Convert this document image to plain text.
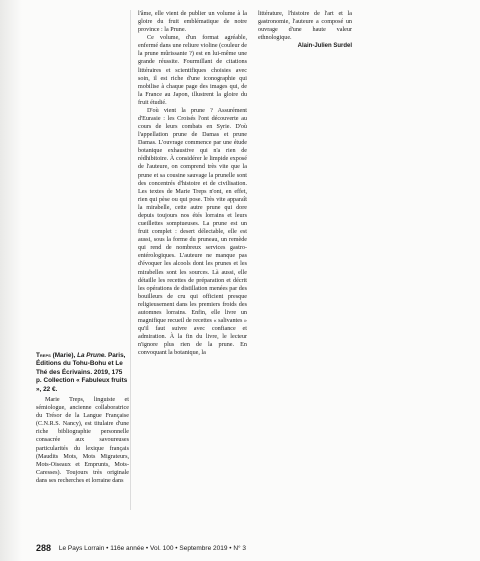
Treps (Marie), La Prune. Paris, Éditions du Tohu-Bohu et Le Thé des Écrivains. 2019, 175 p. Collection « Fabuleux fruits », 22 €.

Marie Treps, linguiste et sémiologue, ancienne collaboratrice du Trésor de la Langue Française (C.N.R.S. Nancy), est titulaire d'une riche bibliographie personnelle consacrée aux savoureuses particularités du lexique français (Maudits Mots, Mots Migrateurs, Mots-Oiseaux et Emprunts, Mots-Caresses). Toujours très originale dans ses recherches et lorraine dans

l'âme, elle vient de publier un volume à la gloire du fruit emblématique de notre province : la Prune.

Ce volume, d'un format agréable, enfermé dans une reliure violine (couleur de la prune mûrissante ?) est en lui-même une grande réussite. Fourmillant de citations littéraires et scientifiques choisies avec soin, il est riche d'une iconographie qui mobilise à chaque page des images qui, de la France au Japon, illustrent la gloire du fruit étudié.

D'où vient la prune ? Assurément d'Eurasie : les Croisés l'ont découverte au cours de leurs combats en Syrie. D'où l'appellation prune de Damas et prune Damas. L'ouvrage commence par une étude botanique exhaustive qui n'a rien de rédhibitoire. À considérer le limpide exposé de l'auteure, on comprend très vite que la prune et sa cousine sauvage la prunelle sont des concentrés d'histoire et de civilisation. Les textes de Marie Treps n'ont, en effet, rien qui pèse ou qui pose. Très vite apparaît la mirabelle, cette autre prune qui dore depuis toujours nos étés lorrains et leurs cueillettes somptueuses. La prune est un fruit complet : desert délectable, elle est aussi, sous la forme du pruneau, un remède qui rend de nombreux services gastro-entérologiques. L'auteure ne manque pas d'évoquer les alcools dont les prunes et les mirabelles sont les sources. Là aussi, elle détaille les recettes de préparation et décrit les opérations de distillation menées par des bouilleurs de cru qui officient presque religieusement dans les premiers froids des automnes lorrains. Enfin, elle livre un magnifique recueil de recettes « salivantes » qu'il faut suivre avec confiance et admiration. À la fin du livre, le lecteur n'ignore plus rien de la prune. En convoquant la botanique, la

littérature, l'histoire de l'art et la gastronomie, l'auteure a composé un ouvrage d'une haute valeur ethnologique.

Alain-Julien Surdel

288 Le Pays Lorrain • 116e année • Vol. 100 • Septembre 2019 • N° 3
